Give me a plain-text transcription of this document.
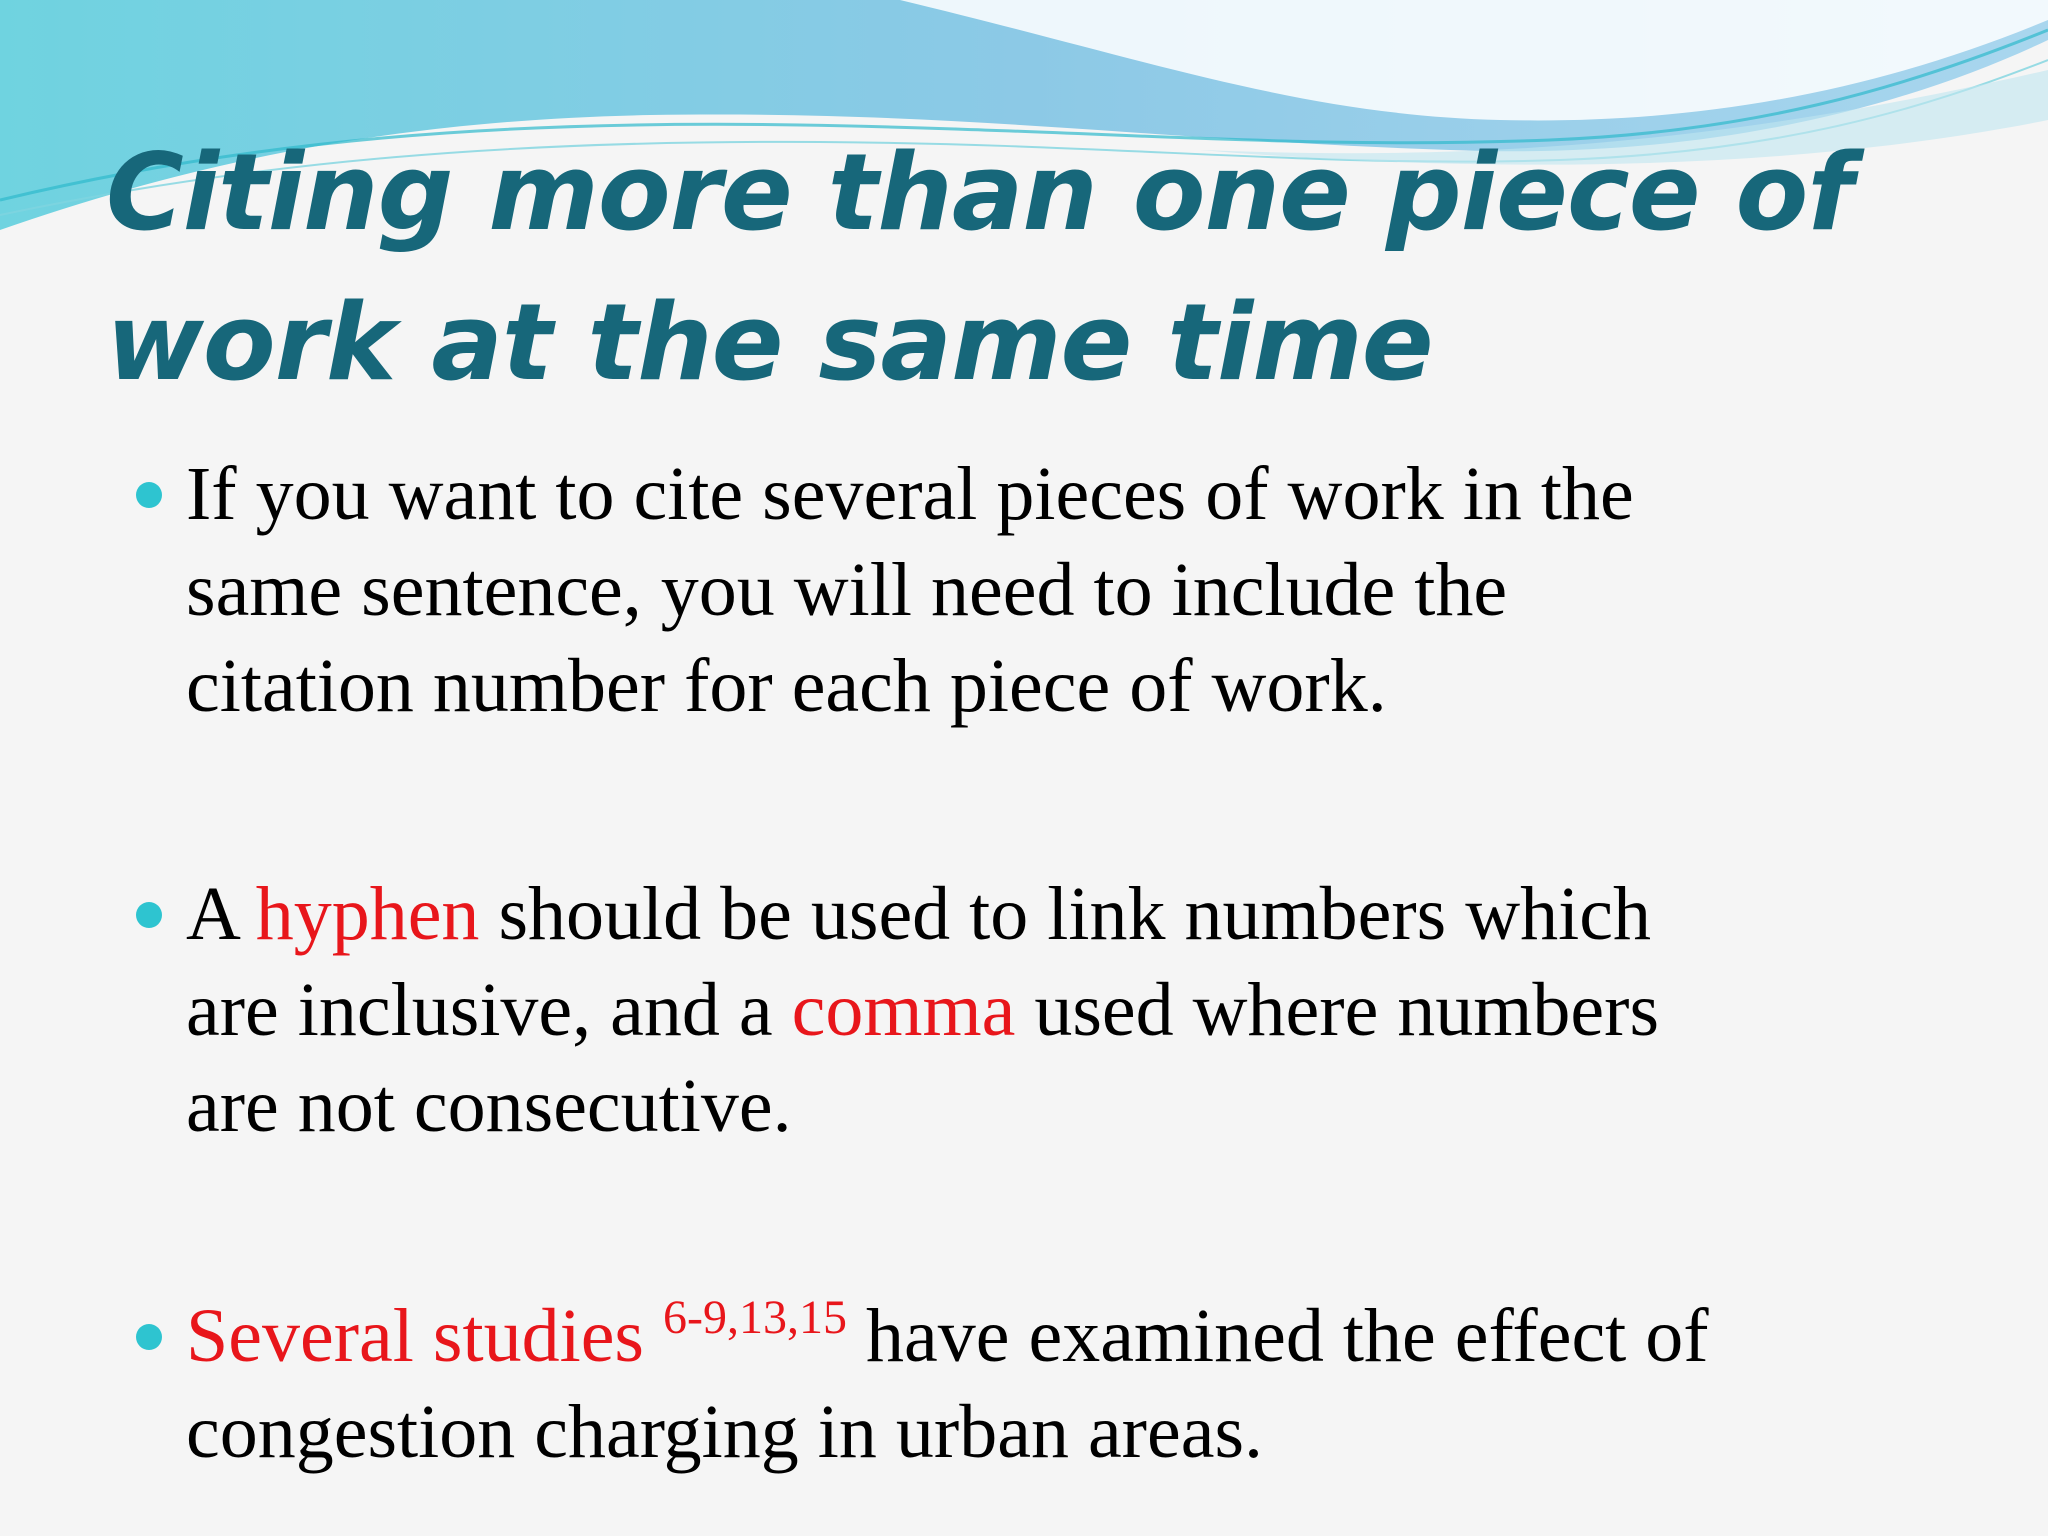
Citing more than one piece of
work at the same time
If you want to cite several pieces of work in the
same sentence, you will need to include the
citation number for each piece of work.
A hyphen should be used to link numbers which
are inclusive, and a comma used where numbers
are not consecutive.
Several studies $^{6-9,13,15}$ have examined the effect of
congestion charging in urban areas.
